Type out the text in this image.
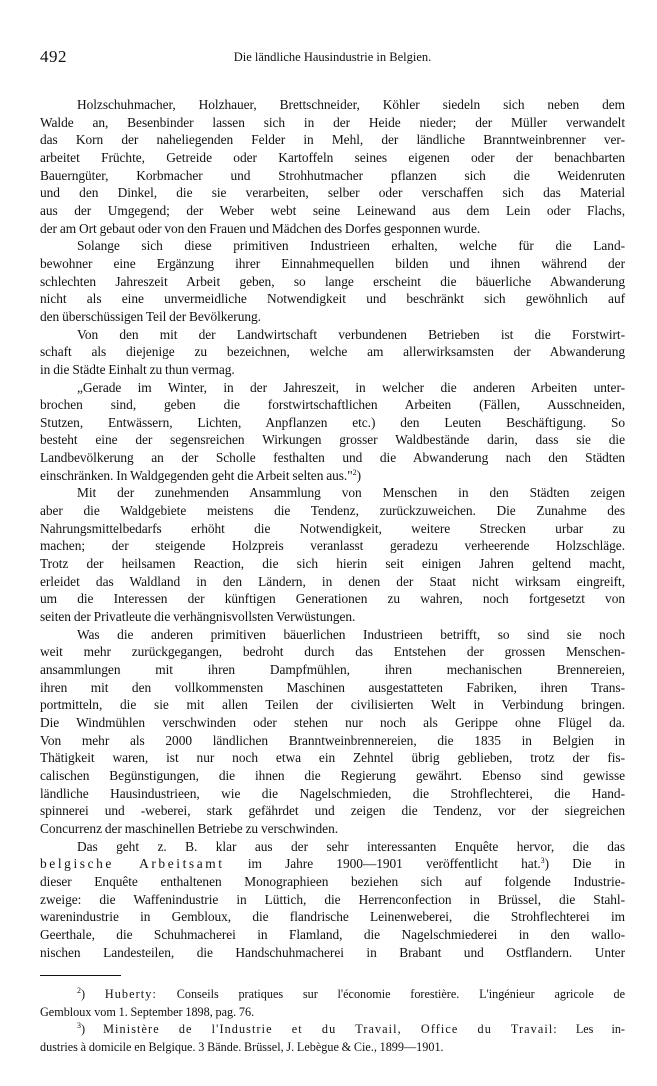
492	Die ländliche Hausindustrie in Belgien.
Holzschuhmacher, Holzhauer, Brettschneider, Köhler siedeln sich neben dem
Walde an, Besenbinder lassen sich in der Heide nieder; der Müller verwandelt
das Korn der naheliegenden Felder in Mehl, der ländliche Branntweinbrenner ver-
arbeitet Früchte, Getreide oder Kartoffeln seines eigenen oder der benachbarten
Bauerngüter, Korbmacher und Strohhutmacher pflanzen sich die Weidenruten
und den Dinkel, die sie verarbeiten, selber oder verschaffen sich das Material
aus der Umgegend; der Weber webt seine Leinewand aus dem Lein oder Flachs,
der am Ort gebaut oder von den Frauen und Mädchen des Dorfes gesponnen wurde.
Solange sich diese primitiven Industrieen erhalten, welche für die Land-
bewohner eine Ergänzung ihrer Einnahmequellen bilden und ihnen während der
schlechten Jahreszeit Arbeit geben, so lange erscheint die bäuerliche Abwanderung
nicht als eine unvermeidliche Notwendigkeit und beschränkt sich gewöhnlich auf
den überschüssigen Teil der Bevölkerung.
Von den mit der Landwirtschaft verbundenen Betrieben ist die Forstwirt-
schaft als diejenige zu bezeichnen, welche am allerwirksamsten der Abwanderung
in die Städte Einhalt zu thun vermag.
„Gerade im Winter, in der Jahreszeit, in welcher die anderen Arbeiten unter-
brochen sind, geben die forstwirtschaftlichen Arbeiten (Fällen, Ausschneiden,
Stutzen, Entwässern, Lichten, Anpflanzen etc.) den Leuten Beschäftigung. So
besteht eine der segensreichen Wirkungen grosser Waldbestände darin, dass sie die
Landbevölkerung an der Scholle festhalten und die Abwanderung nach den Städten
einschränken. In Waldgegenden geht die Arbeit selten aus."$^2$)
Mit der zunehmenden Ansammlung von Menschen in den Städten zeigen
aber die Waldgebiete meistens die Tendenz, zurückzuweichen. Die Zunahme des
Nahrungsmittelbedarfs erhöht die Notwendigkeit, weitere Strecken urbar zu
machen; der steigende Holzpreis veranlasst geradezu verheerende Holzschläge.
Trotz der heilsamen Reaction, die sich hierin seit einigen Jahren geltend macht,
erleidet das Waldland in den Ländern, in denen der Staat nicht wirksam eingreift,
um die Interessen der künftigen Generationen zu wahren, noch fortgesetzt von
seiten der Privatleute die verhängnisvollsten Verwüstungen.
Was die anderen primitiven bäuerlichen Industrieen betrifft, so sind sie noch
weit mehr zurückgegangen, bedroht durch das Entstehen der grossen Menschen-
ansammlungen mit ihren Dampfmühlen, ihren mechanischen Brennereien,
ihren mit den vollkommensten Maschinen ausgestatteten Fabriken, ihren Trans-
portmitteln, die sie mit allen Teilen der civilisierten Welt in Verbindung bringen.
Die Windmühlen verschwinden oder stehen nur noch als Gerippe ohne Flügel da.
Von mehr als 2000 ländlichen Branntweinbrennereien, die 1835 in Belgien in
Thätigkeit waren, ist nur noch etwa ein Zehntel übrig geblieben, trotz der fis-
calischen Begünstigungen, die ihnen die Regierung gewährt. Ebenso sind gewisse
ländliche Hausindustrieen, wie die Nagelschmieden, die Strohflechterei, die Hand-
spinnerei und -weberei, stark gefährdet und zeigen die Tendenz, vor der siegreichen
Concurrenz der maschinellen Betriebe zu verschwinden.
Das geht z. B. klar aus der sehr interessanten Enquête hervor, die das
belgische Arbeitsamt im Jahre 1900—1901 veröffentlicht hat.$^3$) Die in
dieser Enquête enthaltenen Monographieen beziehen sich auf folgende Industrie-
zweige: die Waffenindustrie in Lüttich, die Herrenconfection in Brüssel, die Stahl-
warenindustrie in Gembloux, die flandrische Leinenweberei, die Strohflechterei im
Geerthale, die Schuhmacherei in Flamland, die Nagelschmiederei in den wallo-
nischen Landesteilen, die Handschuhmacherei in Brabant und Ostflandern. Unter
$^2$) Huberty: Conseils pratiques sur l'économie forestière. L'ingénieur agricole de
Gembloux vom 1. September 1898, pag. 76.
$^3$) Ministère de l'Industrie et du Travail, Office du Travail: Les in-
dustries à domicile en Belgique. 3 Bände. Brüssel, J. Lebègue & Cie., 1899—1901.
